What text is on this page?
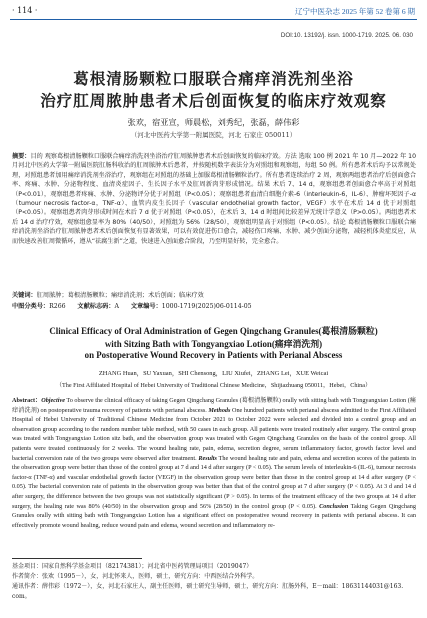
· 114 ·	辽宁中医杂志 2025 年第 52 卷第 6 期
DOI:10. 13192/j. issn. 1000-1719. 2025. 06. 030
葛根清肠颗粒口服联合痛痒消洗剂坐浴
治疗肛周脓肿患者术后创面恢复的临床疗效观察
张欢，宿亚宣，师晨松，刘秀纪，张磊，薛伟彩
（河北中医药大学第一附属医院，河北 石家庄 050011）
摘要：目的 观察葛根清肠颗粒口服联合痛痒消洗剂坐浴治疗肛周脓肿患者术后创面恢复的临床疗效。方法 选取 100 例 2021 年 10 月—2022 年 10 月河北中医药大学第一附属医院肛肠科收治的肛周脓肿术后患者，并按随机数字表法分为对照组和观察组，每组 50 例。所有患者术后均予以常规处理，对照组患者加用痛痒消洗剂坐浴治疗，观察组在对照组的基础上加服葛根清肠颗粒治疗。所有患者连续治疗 2 周，观察两组患者治疗后创面愈合率、疼痛、水肿、分泌物程度、血清炎症因子、生长因子水平及肛周新肉芽形成情况。结果 术后 7、14 d，观察组患者创面愈合率高于对照组（P<0.01），观察组患者疼痛、水肿、分泌物评分优于对照组（P<0.05）；观察组患者血清白细胞介素-6（interleukin-6，IL-6）、肿瘤坏死因子-α（tumour necrosis factor-α，TNF-α）、血管内皮生长因子（vascular endothelial growth factor，VEGF）水平在术后 14 d 优于对照组（P<0.05）。观察组患者肉芽形成时间在术后 7 d 优于对照组（P<0.05），在术后 3、14 d 时组间比较差异无统计学意义（P>0.05）。两组患者术后 14 d 治疗疗效，观察组愈显率为 80%（40/50），对照组为 56%（28/50），观察组明显高于对照组（P<0.05）。结论 葛根清肠颗粒口服联合痛痒消洗剂坐浴治疗肛周脓肿患者术后创面恢复有显著效果，可以有效促进伤口愈合，减轻伤口疼痛、水肿、减少创面分泌物，减轻机体炎症反应，从而快速改善肛周微循环，遵从“祛腐生新”之道，快速进入创面愈合阶段，乃至明显好转，完全愈合。
关键词：肛周脓肿；葛根清肠颗粒；痛痒消洗剂；术后创面；临床疗效
中图分类号：R266 文献标志码：A 文章编号：1000-1719(2025)06-0114-05
Clinical Efficacy of Oral Administration of Gegen Qingchang Granules(葛根清肠颗粒)
with Sitzing Bath with Tongyangxiao Lotion(痛痒消洗剂)
on Postoperative Wound Recovery in Patients with Perianal Abscess
ZHANG Huan，SU Yaxuan，SHI Chensong，LIU Xiufei，ZHANG Lei，XUE Weicai
（The First Affiliated Hospital of Hebei University of Traditional Chinese Medicine，Shijiazhuang 050011，Hebei，China）
Abstract：Objective To observe the clinical efficacy of taking Gegen Qingchang Granules (葛根清肠颗粒) orally with sitting bath with Tongyangxiao Lotion (痛痒消洗剂) on postoperative trauma recovery of patients with perianal abscess. Methods One hundred patients with perianal abscess admitted to the First Affiliated Hospital of Hebei University of Traditional Chinese Medicine from October 2021 to October 2022 were selected and divided into a control group and an observation group according to the random number table method, with 50 cases in each group. All patients were treated routinely after surgery. The control group was treated with Tongyangxiao Lotion sitz bath, and the observation group was treated with Gegen Qingchang Granules on the basis of the control group. All patients were treated continuously for 2 weeks. The wound healing rate, pain, edema, secretion degree, serum inflammatory factor, growth factor level and bacterial conversion rate of the two groups were observed after treatment. Results The wound healing rate and pain, edema and secretion scores of the patients in the observation group were better than those of the control group at 7 d and 14 d after surgery (P < 0.05). The serum levels of interleukin-6 (IL-6), tumour necrosis factor-α (TNF-α) and vascular endothelial growth factor (VEGF) in the observation group were better than those in the control group at 14 d after surgery (P < 0.05). The bacterial conversion rate of patients in the observation group was better than that of the control group at 7 d after surgery (P < 0.05). At 3 d and 14 d after surgery, the difference between the two groups was not statistically significant (P > 0.05). In terms of the treatment efficacy of the two groups at 14 d after surgery, the healing rate was 80% (40/50) in the observation group and 56% (28/50) in the control group (P < 0.05). Conclusion Taking Gegen Qingchang Granules orally with sitting bath with Tongyangxiao Lotion has a significant effect on postoperative wound recovery in patients with perianal abscess. It can effectively promote wound healing, reduce wound pain and edema, wound secretion and inflammatory re-
基金项目：国家自然科学基金项目（82174381）；河北省中医药管理局项目（2019047）
作者简介：张欢（1995－），女，河北怀来人，医师，硕士，研究方向：中西医结合外科学。
通讯作者：薛伟彩（1972－），女，河北石家庄人，副主任医师，硕士研究生导师，硕士，研究方向：肛肠外科，E－mail：18631144031@163. com。
